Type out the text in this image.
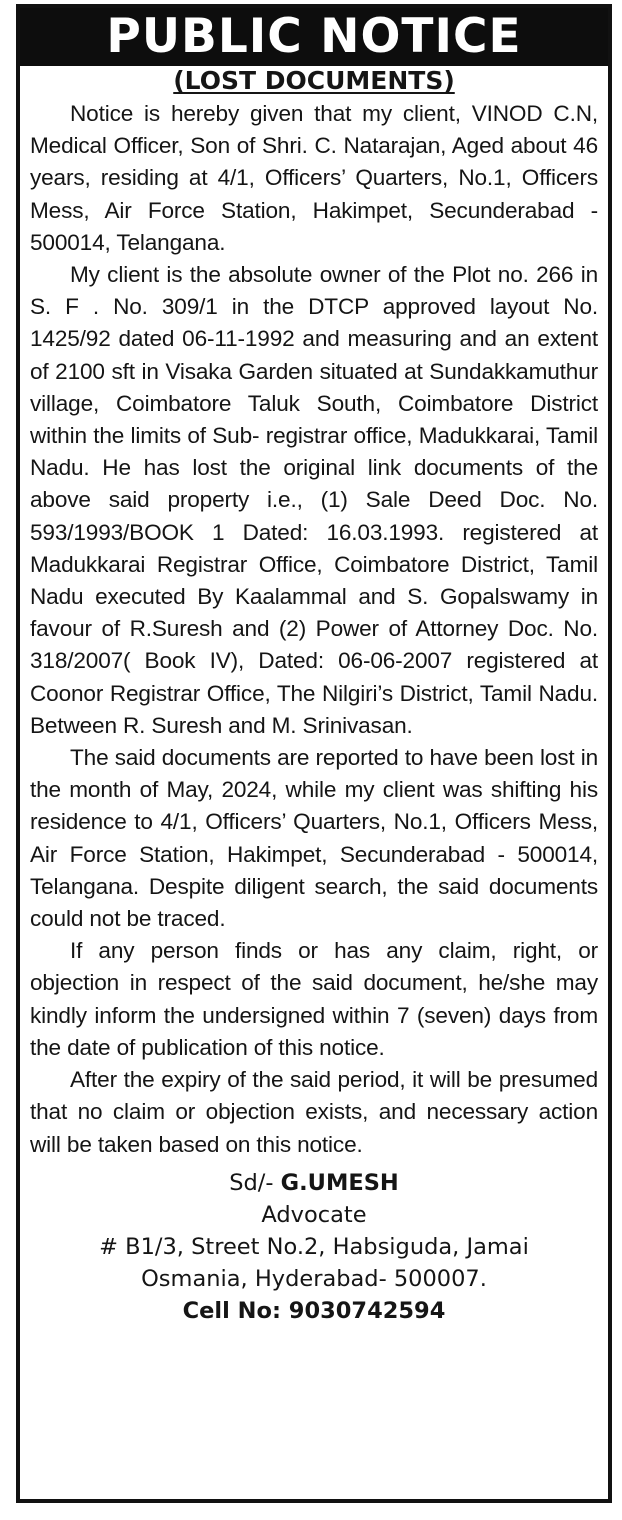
PUBLIC NOTICE
(LOST DOCUMENTS)

Notice is hereby given that my client, VINOD C.N, Medical Officer, Son of Shri. C. Natarajan, Aged about 46 years, residing at 4/1, Officers’ Quarters, No.1, Officers Mess, Air Force Station, Hakimpet, Secunderabad - 500014, Telangana.

My client is the absolute owner of the Plot no. 266 in S. F . No. 309/1 in the DTCP approved layout No. 1425/92 dated 06-11-1992 and measuring and an extent of 2100 sft in Visaka Garden situated at Sundakkamuthur village, Coimbatore Taluk South, Coimbatore District within the limits of Sub- registrar office, Madukkarai, Tamil Nadu. He has lost the original link documents of the above said property i.e., (1) Sale Deed Doc. No. 593/1993/BOOK 1 Dated: 16.03.1993. registered at Madukkarai Registrar Office, Coimbatore District, Tamil Nadu executed By Kaalammal and S. Gopalswamy in favour of R.Suresh and (2) Power of Attorney Doc. No. 318/2007( Book IV), Dated: 06-06-2007 registered at Coonor Registrar Office, The Nilgiri’s District, Tamil Nadu. Between R. Suresh and M. Srinivasan.

The said documents are reported to have been lost in the month of May, 2024, while my client was shifting his residence to 4/1, Officers’ Quarters, No.1, Officers Mess, Air Force Station, Hakimpet, Secunderabad - 500014, Telangana. Despite diligent search, the said documents could not be traced.

If any person finds or has any claim, right, or objection in respect of the said document, he/she may kindly inform the undersigned within 7 (seven) days from the date of publication of this notice.

After the expiry of the said period, it will be presumed that no claim or objection exists, and necessary action will be taken based on this notice.

Sd/- G.UMESH
Advocate
# B1/3, Street No.2, Habsiguda, Jamai
Osmania, Hyderabad- 500007.
Cell No: 9030742594
